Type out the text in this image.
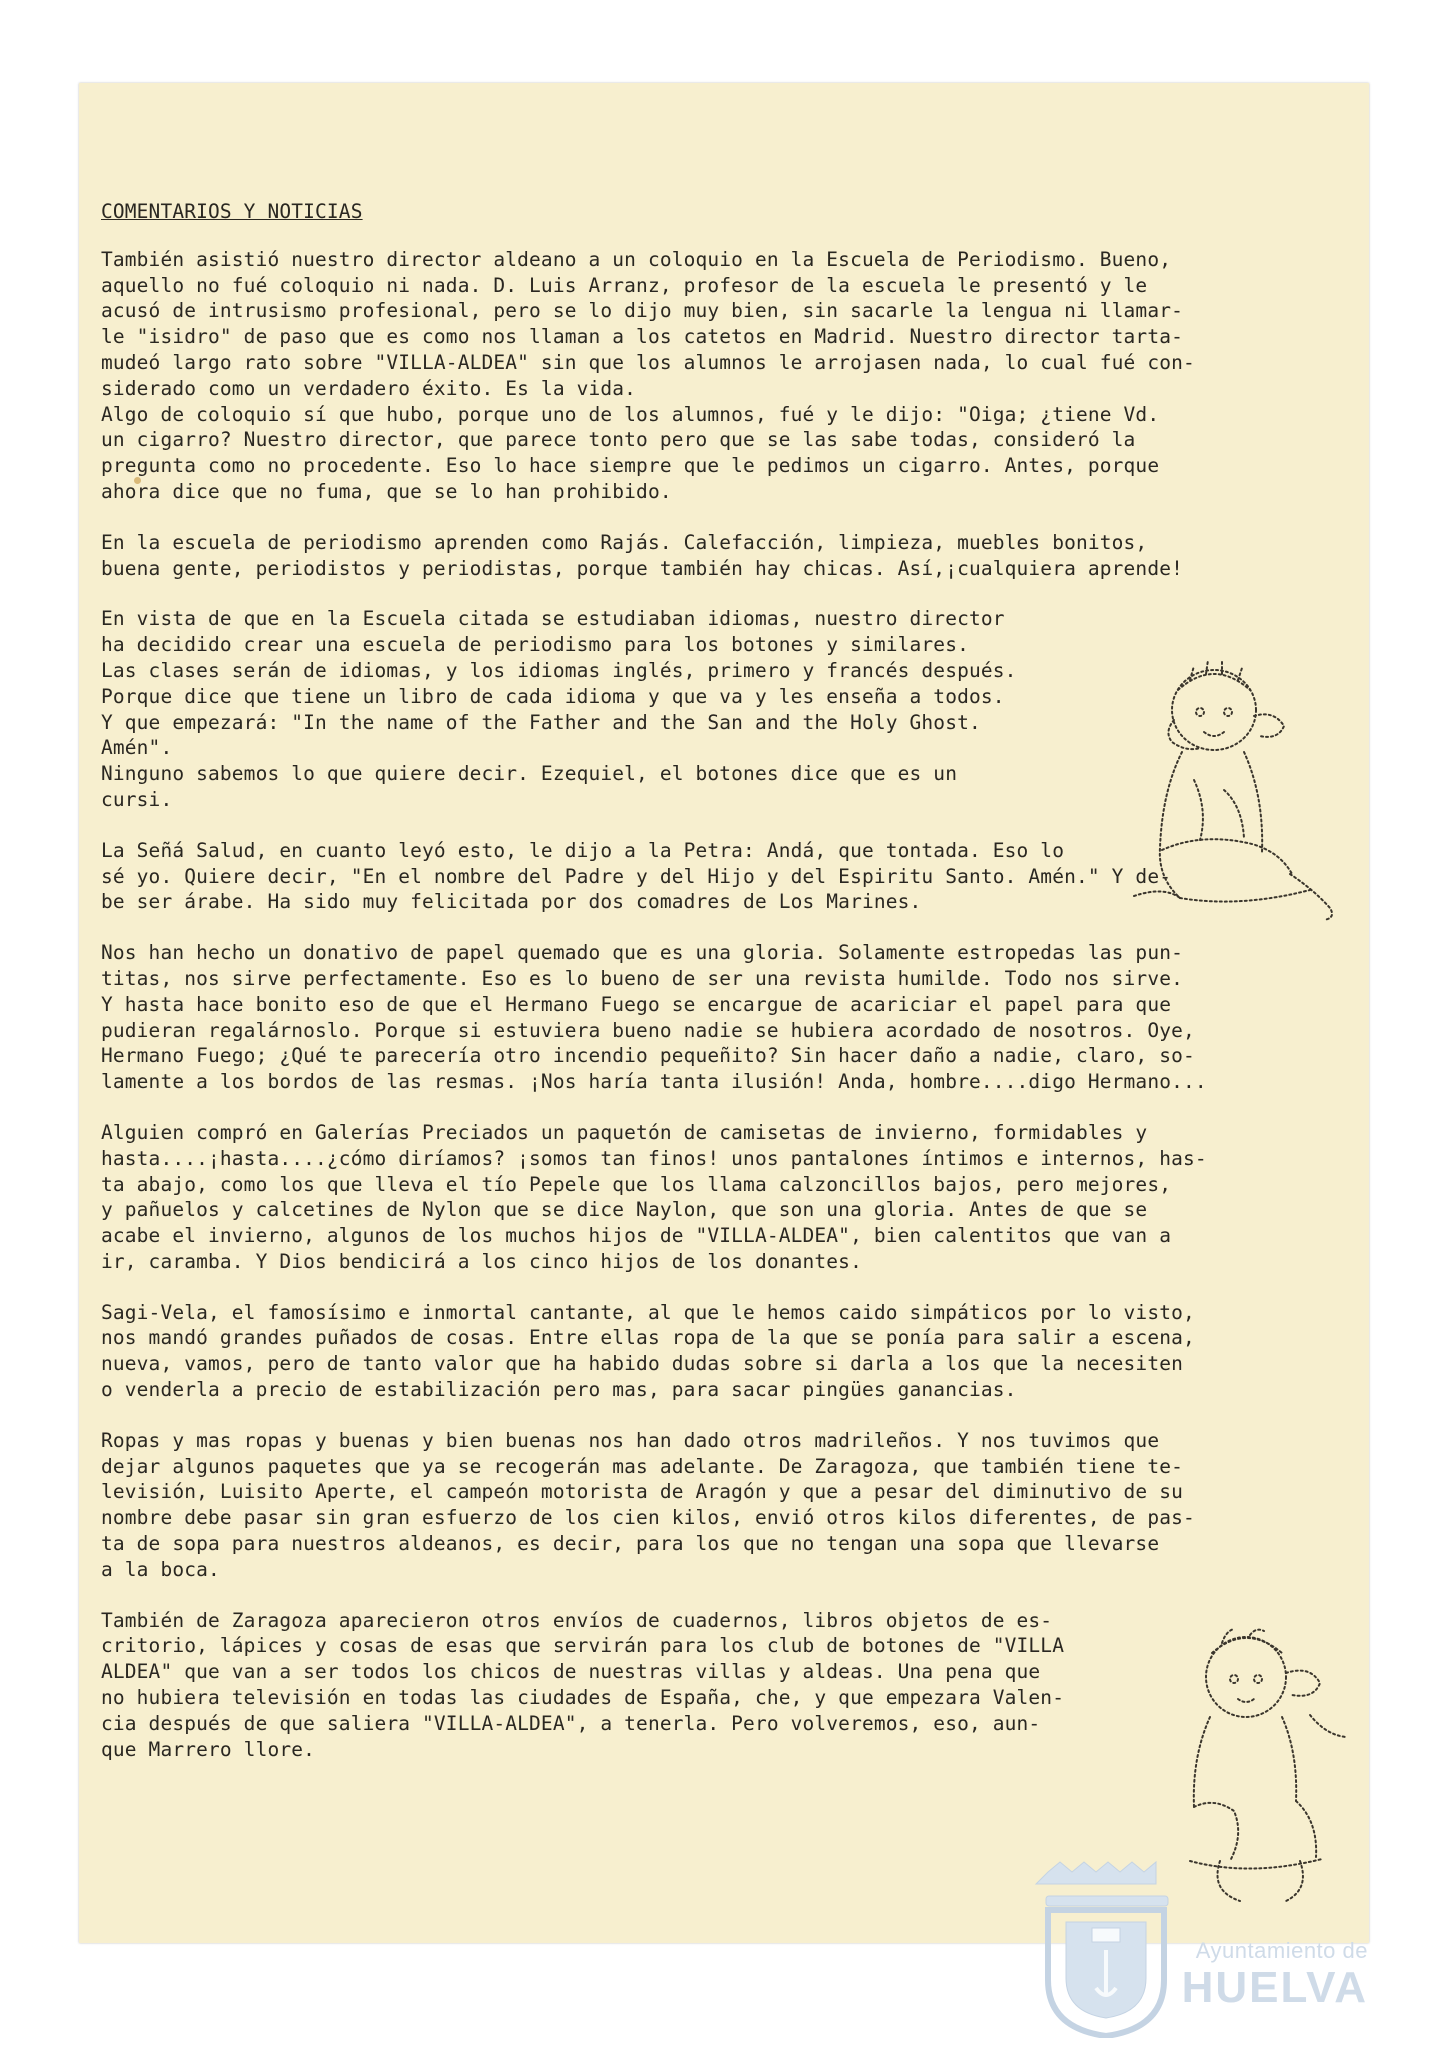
COMENTARIOS Y NOTICIAS
También asistió nuestro director aldeano a un coloquio en la Escuela de Periodismo. Bueno,
aquello no fué coloquio ni nada. D. Luis Arranz, profesor de la escuela le presentó y le
acusó de intrusismo profesional, pero se lo dijo muy bien, sin sacarle la lengua ni llamar-
le "isidro" de paso que es como nos llaman a los catetos en Madrid. Nuestro director tarta-
mudeó largo rato sobre "VILLA-ALDEA" sin que los alumnos le arrojasen nada, lo cual fué con-
siderado como un verdadero éxito. Es la vida.
Algo de coloquio sí que hubo, porque uno de los alumnos, fué y le dijo: "Oiga; ¿tiene Vd.
un cigarro? Nuestro director, que parece tonto pero que se las sabe todas, consideró la
pregunta como no procedente. Eso lo hace siempre que le pedimos un cigarro. Antes, porque
ahora dice que no fuma, que se lo han prohibido.
En la escuela de periodismo aprenden como Rajás. Calefacción, limpieza, muebles bonitos,
buena gente, periodistos y periodistas, porque también hay chicas. Así,¡cualquiera aprende!
En vista de que en la Escuela citada se estudiaban idiomas, nuestro director
ha decidido crear una escuela de periodismo para los botones y similares.
Las clases serán de idiomas, y los idiomas inglés, primero y francés después.
Porque dice que tiene un libro de cada idioma y que va y les enseña a todos.
Y que empezará: "In the name of the Father and the San and the Holy Ghost.
Amén".
Ninguno sabemos lo que quiere decir. Ezequiel, el botones dice que es un
cursi.
La Señá Salud, en cuanto leyó esto, le dijo a la Petra: Andá, que tontada. Eso lo
sé yo. Quiere decir, "En el nombre del Padre y del Hijo y del Espiritu Santo. Amén." Y de-
be ser árabe. Ha sido muy felicitada por dos comadres de Los Marines.
Nos han hecho un donativo de papel quemado que es una gloria. Solamente estropedas las pun-
titas, nos sirve perfectamente. Eso es lo bueno de ser una revista humilde. Todo nos sirve.
Y hasta hace bonito eso de que el Hermano Fuego se encargue de acariciar el papel para que
pudieran regalárnoslo. Porque si estuviera bueno nadie se hubiera acordado de nosotros. Oye,
Hermano Fuego; ¿Qué te parecería otro incendio pequeñito? Sin hacer daño a nadie, claro, so-
lamente a los bordos de las resmas. ¡Nos haría tanta ilusión! Anda, hombre....digo Hermano...
Alguien compró en Galerías Preciados un paquetón de camisetas de invierno, formidables y
hasta....¡hasta....¿cómo diríamos? ¡somos tan finos! unos pantalones íntimos e internos, has-
ta abajo, como los que lleva el tío Pepele que los llama calzoncillos bajos, pero mejores,
y pañuelos y calcetines de Nylon que se dice Naylon, que son una gloria. Antes de que se
acabe el invierno, algunos de los muchos hijos de "VILLA-ALDEA", bien calentitos que van a
ir, caramba. Y Dios bendicirá a los cinco hijos de los donantes.
Sagi-Vela, el famosísimo e inmortal cantante, al que le hemos caido simpáticos por lo visto,
nos mandó grandes puñados de cosas. Entre ellas ropa de la que se ponía para salir a escena,
nueva, vamos, pero de tanto valor que ha habido dudas sobre si darla a los que la necesiten
o venderla a precio de estabilización pero mas, para sacar pingües ganancias.
Ropas y mas ropas y buenas y bien buenas nos han dado otros madrileños. Y nos tuvimos que
dejar algunos paquetes que ya se recogerán mas adelante. De Zaragoza, que también tiene te-
levisión, Luisito Aperte, el campeón motorista de Aragón y que a pesar del diminutivo de su
nombre debe pasar sin gran esfuerzo de los cien kilos, envió otros kilos diferentes, de pas-
ta de sopa para nuestros aldeanos, es decir, para los que no tengan una sopa que llevarse
a la boca.
También de Zaragoza aparecieron otros envíos de cuadernos, libros objetos de es-
critorio, lápices y cosas de esas que servirán para los club de botones de "VILLA
ALDEA" que van a ser todos los chicos de nuestras villas y aldeas. Una pena que
no hubiera televisión en todas las ciudades de España, che, y que empezara Valen-
cia después de que saliera "VILLA-ALDEA", a tenerla. Pero volveremos, eso, aun-
que Marrero llore.
Ayuntamiento de
HUELVA
